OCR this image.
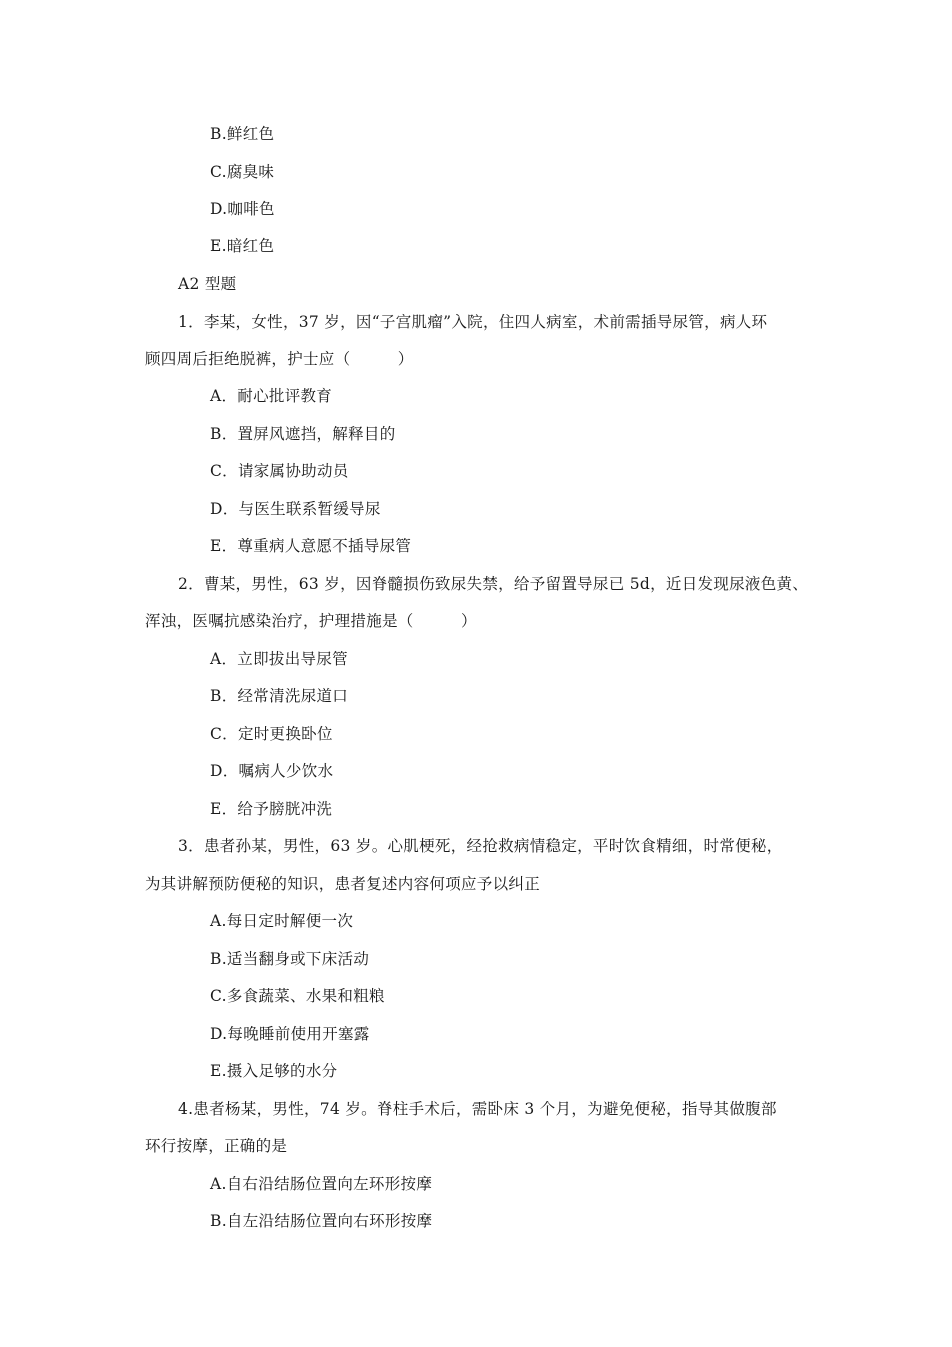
B.鲜红色
C.腐臭味
D.咖啡色
E.暗红色
A2 型题
1．李某，女性，37 岁，因“子宫肌瘤”入院，住四人病室，术前需插导尿管，病人环
顾四周后拒绝脱裤，护士应（　　　）
A．耐心批评教育
B．置屏风遮挡，解释目的
C．请家属协助动员
D．与医生联系暂缓导尿
E．尊重病人意愿不插导尿管
2．曹某，男性，63 岁，因脊髓损伤致尿失禁，给予留置导尿已 5d，近日发现尿液色黄、
浑浊，医嘱抗感染治疗，护理措施是（　　　）
A．立即拔出导尿管
B．经常清洗尿道口
C．定时更换卧位
D．嘱病人少饮水
E．给予膀胱冲洗
3．患者孙某，男性，63 岁。心肌梗死，经抢救病情稳定，平时饮食精细，时常便秘，
为其讲解预防便秘的知识，患者复述内容何项应予以纠正
A.每日定时解便一次
B.适当翻身或下床活动
C.多食蔬菜、水果和粗粮
D.每晚睡前使用开塞露
E.摄入足够的水分
4.患者杨某，男性，74 岁。脊柱手术后，需卧床 3 个月，为避免便秘，指导其做腹部
环行按摩，正确的是
A.自右沿结肠位置向左环形按摩
B.自左沿结肠位置向右环形按摩
